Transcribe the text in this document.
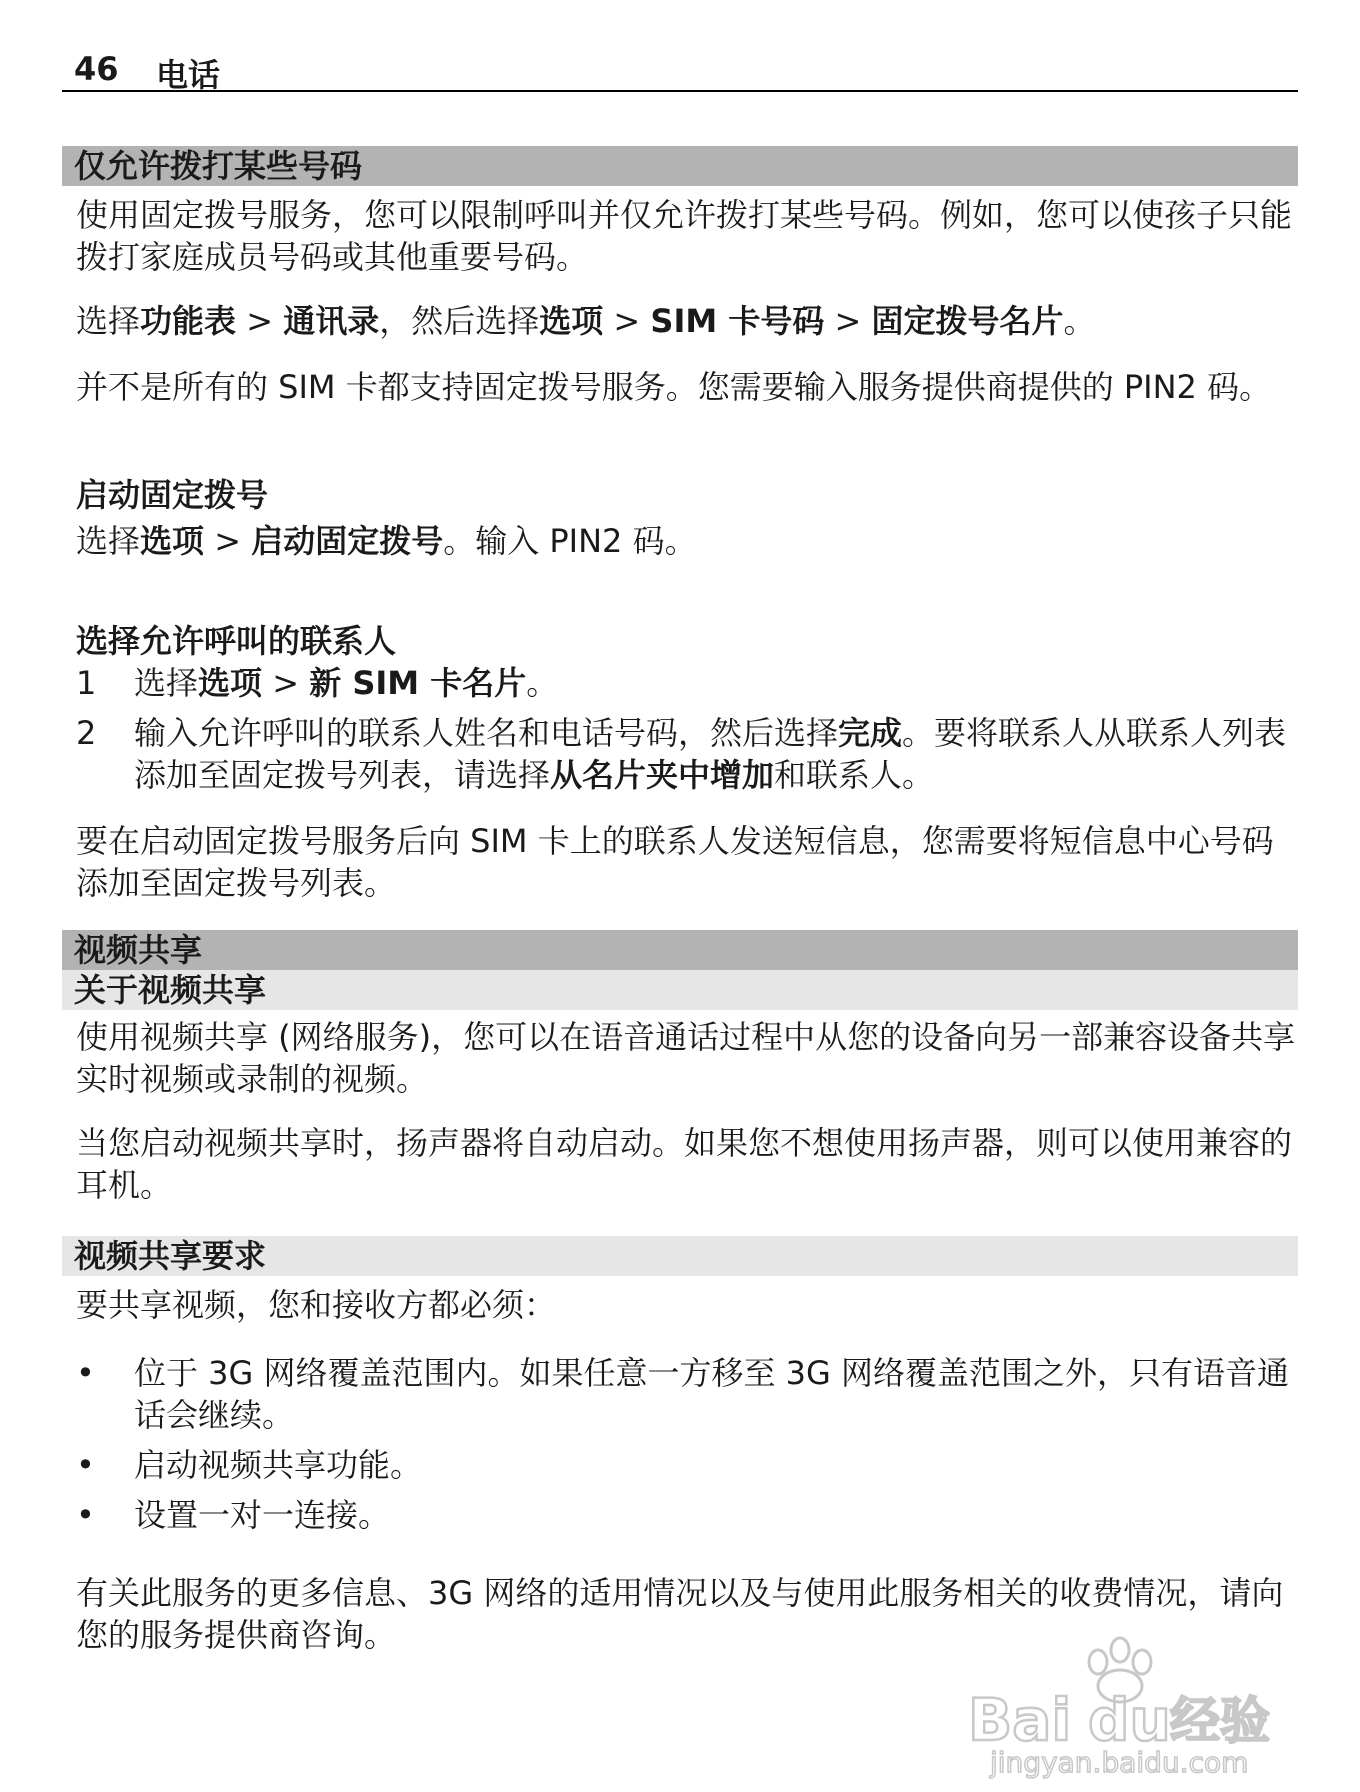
46 电话
仅允许拨打某些号码
使用固定拨号服务，您可以限制呼叫并仅允许拨打某些号码。例如，您可以使孩子只能拨打家庭成员号码或其他重要号码。
选择功能表 > 通讯录，然后选择选项 > SIM 卡号码 > 固定拨号名片。
并不是所有的 SIM 卡都支持固定拨号服务。您需要输入服务提供商提供的 PIN2 码。
启动固定拨号
选择选项 > 启动固定拨号。输入 PIN2 码。
选择允许呼叫的联系人
1 选择选项 > 新 SIM 卡名片。
2 输入允许呼叫的联系人姓名和电话号码，然后选择完成。要将联系人从联系人列表添加至固定拨号列表，请选择从名片夹中增加和联系人。
要在启动固定拨号服务后向 SIM 卡上的联系人发送短信息，您需要将短信息中心号码添加至固定拨号列表。
视频共享
关于视频共享
使用视频共享 (网络服务)，您可以在语音通话过程中从您的设备向另一部兼容设备共享实时视频或录制的视频。
当您启动视频共享时，扬声器将自动启动。如果您不想使用扬声器，则可以使用兼容的耳机。
视频共享要求
要共享视频，您和接收方都必须：
• 位于 3G 网络覆盖范围内。如果任意一方移至 3G 网络覆盖范围之外，只有语音通话会继续。
• 启动视频共享功能。
• 设置一对一连接。
有关此服务的更多信息、3G 网络的适用情况以及与使用此服务相关的收费情况，请向您的服务提供商咨询。
Bai du 经验
jingyan.baidu.com
